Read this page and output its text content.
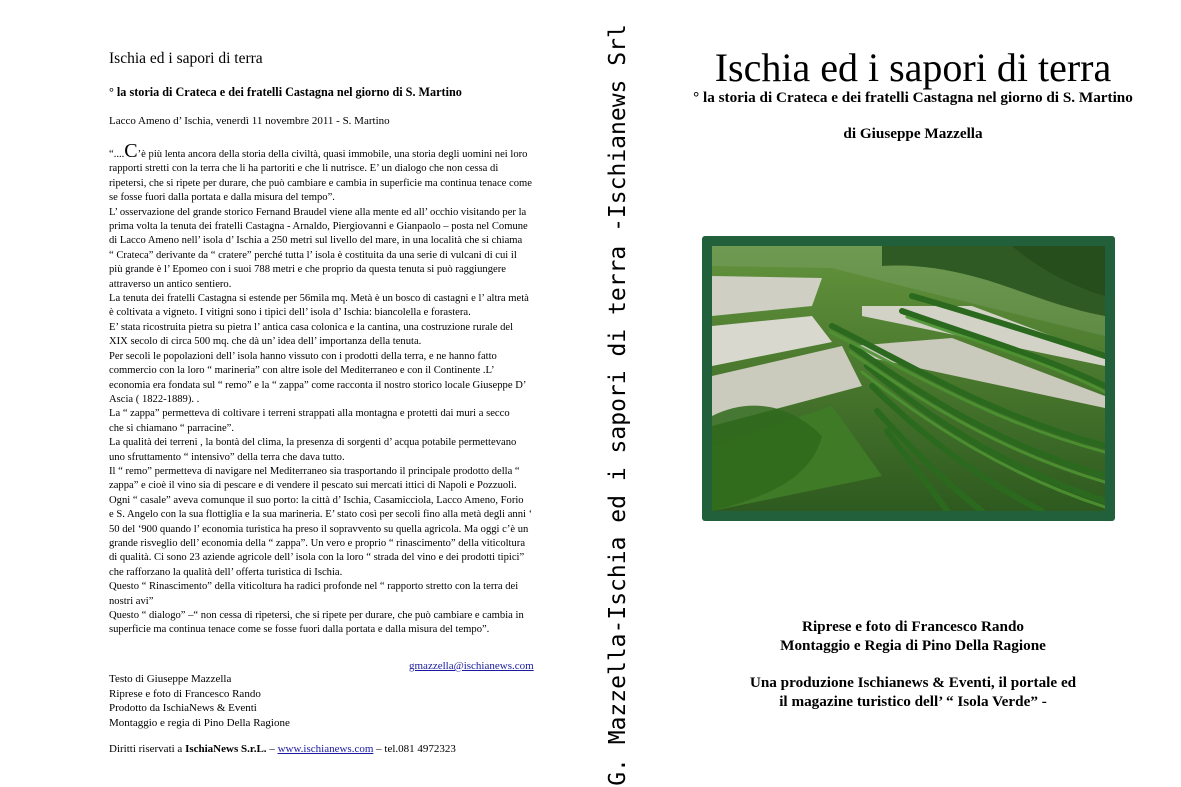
Ischia ed i sapori di terra
° la storia di Crateca e dei fratelli Castagna nel giorno di S. Martino
Lacco Ameno d’ Ischia, venerdì 11 novembre 2011 - S. Martino

“....C’è più lenta ancora della storia della civiltà, quasi immobile, una storia degli uomini nei loro

rapporti stretti con la terra che li ha partoriti e che li nutrisce. E’ un dialogo che non cessa di

ripetersi, che si ripete per durare, che può cambiare e cambia in superficie ma continua tenace come

se fosse fuori dalla portata e dalla misura del tempo”.

L’ osservazione del grande storico Fernand Braudel viene alla mente ed all’ occhio visitando per la

prima volta la tenuta dei fratelli Castagna - Arnaldo, Piergiovanni e Gianpaolo – posta nel Comune

di Lacco Ameno nell’ isola d’ Ischia a 250 metri sul livello del mare, in una località che si chiama

“ Crateca” derivante da “ cratere” perché tutta l’ isola è costituita da una serie di vulcani di cui il

più grande è l’ Epomeo con i suoi 788 metri e che proprio da questa tenuta si può raggiungere

attraverso un antico sentiero.

La tenuta dei fratelli Castagna si estende per 56mila mq. Metà è un bosco di castagni e l’ altra metà

è coltivata a vigneto. I vitigni sono i tipici dell’ isola d’ Ischia: biancolella e forastera.

E’ stata ricostruita pietra su pietra l’ antica casa colonica e la cantina, una costruzione rurale del

XIX secolo di circa 500 mq. che dà un’ idea dell’ importanza della tenuta.

Per secoli le popolazioni dell’ isola hanno vissuto con i prodotti della terra, e ne hanno fatto

commercio con la loro “ marineria” con altre isole del Mediterraneo e con il Continente .L’

economia era fondata sul “ remo” e la “ zappa” come racconta il nostro storico locale Giuseppe D’

Ascia ( 1822-1889). .

La “ zappa” permetteva di coltivare i terreni strappati alla montagna e protetti dai muri a secco

che si chiamano “ parracine”.

La qualità dei terreni , la bontà del clima, la presenza di sorgenti d’ acqua potabile permettevano

uno sfruttamento “ intensivo” della terra che dava tutto.

Il “ remo” permetteva di navigare nel Mediterraneo sia trasportando il principale prodotto della “

zappa” e cioè il vino sia di pescare e di vendere il pescato sui mercati ittici di Napoli e Pozzuoli.

Ogni “ casale” aveva comunque il suo porto: la città d’ Ischia, Casamicciola, Lacco Ameno, Forio

e S. Angelo con la sua flottiglia e la sua marineria. E’ stato così per secoli fino alla metà degli anni ‘

50 del ‘900 quando l’ economia turistica ha preso il sopravvento su quella agricola. Ma oggi c’è un

grande risveglio dell’ economia della “ zappa”. Un vero e proprio “ rinascimento” della viticoltura

di qualità. Ci sono 23 aziende agricole dell’ isola con la loro “ strada del vino e dei prodotti tipici”

che rafforzano la qualità dell’ offerta turistica di Ischia.

Questo “ Rinascimento” della viticoltura ha radici profonde nel “ rapporto stretto con la terra dei

nostri avi”

Questo “ dialogo” –“ non cessa di ripetersi, che si ripete per durare, che può cambiare e cambia in

superficie ma continua tenace come se fosse fuori dalla portata e dalla misura del tempo”.

gmazzella@ischianews.com
Testo di Giuseppe Mazzella
Riprese e foto di Francesco Rando
Prodotto da IschiaNews & Eventi
Montaggio e regia di Pino Della Ragione
Diritti riservati a IschiaNews S.r.L. – www.ischianews.com – tel.081 4972323	G. Mazzella-Ischia ed i sapori di terra -Ischianews Srl	Ischia ed i sapori di terra
° la storia di Crateca e dei fratelli Castagna nel giorno di S. Martino
di Giuseppe Mazzella
Riprese e foto di Francesco Rando
Montaggio e Regia di Pino Della Ragione
Una produzione Ischianews & Eventi, il portale ed
il magazine turistico dell’ “ Isola Verde” -
